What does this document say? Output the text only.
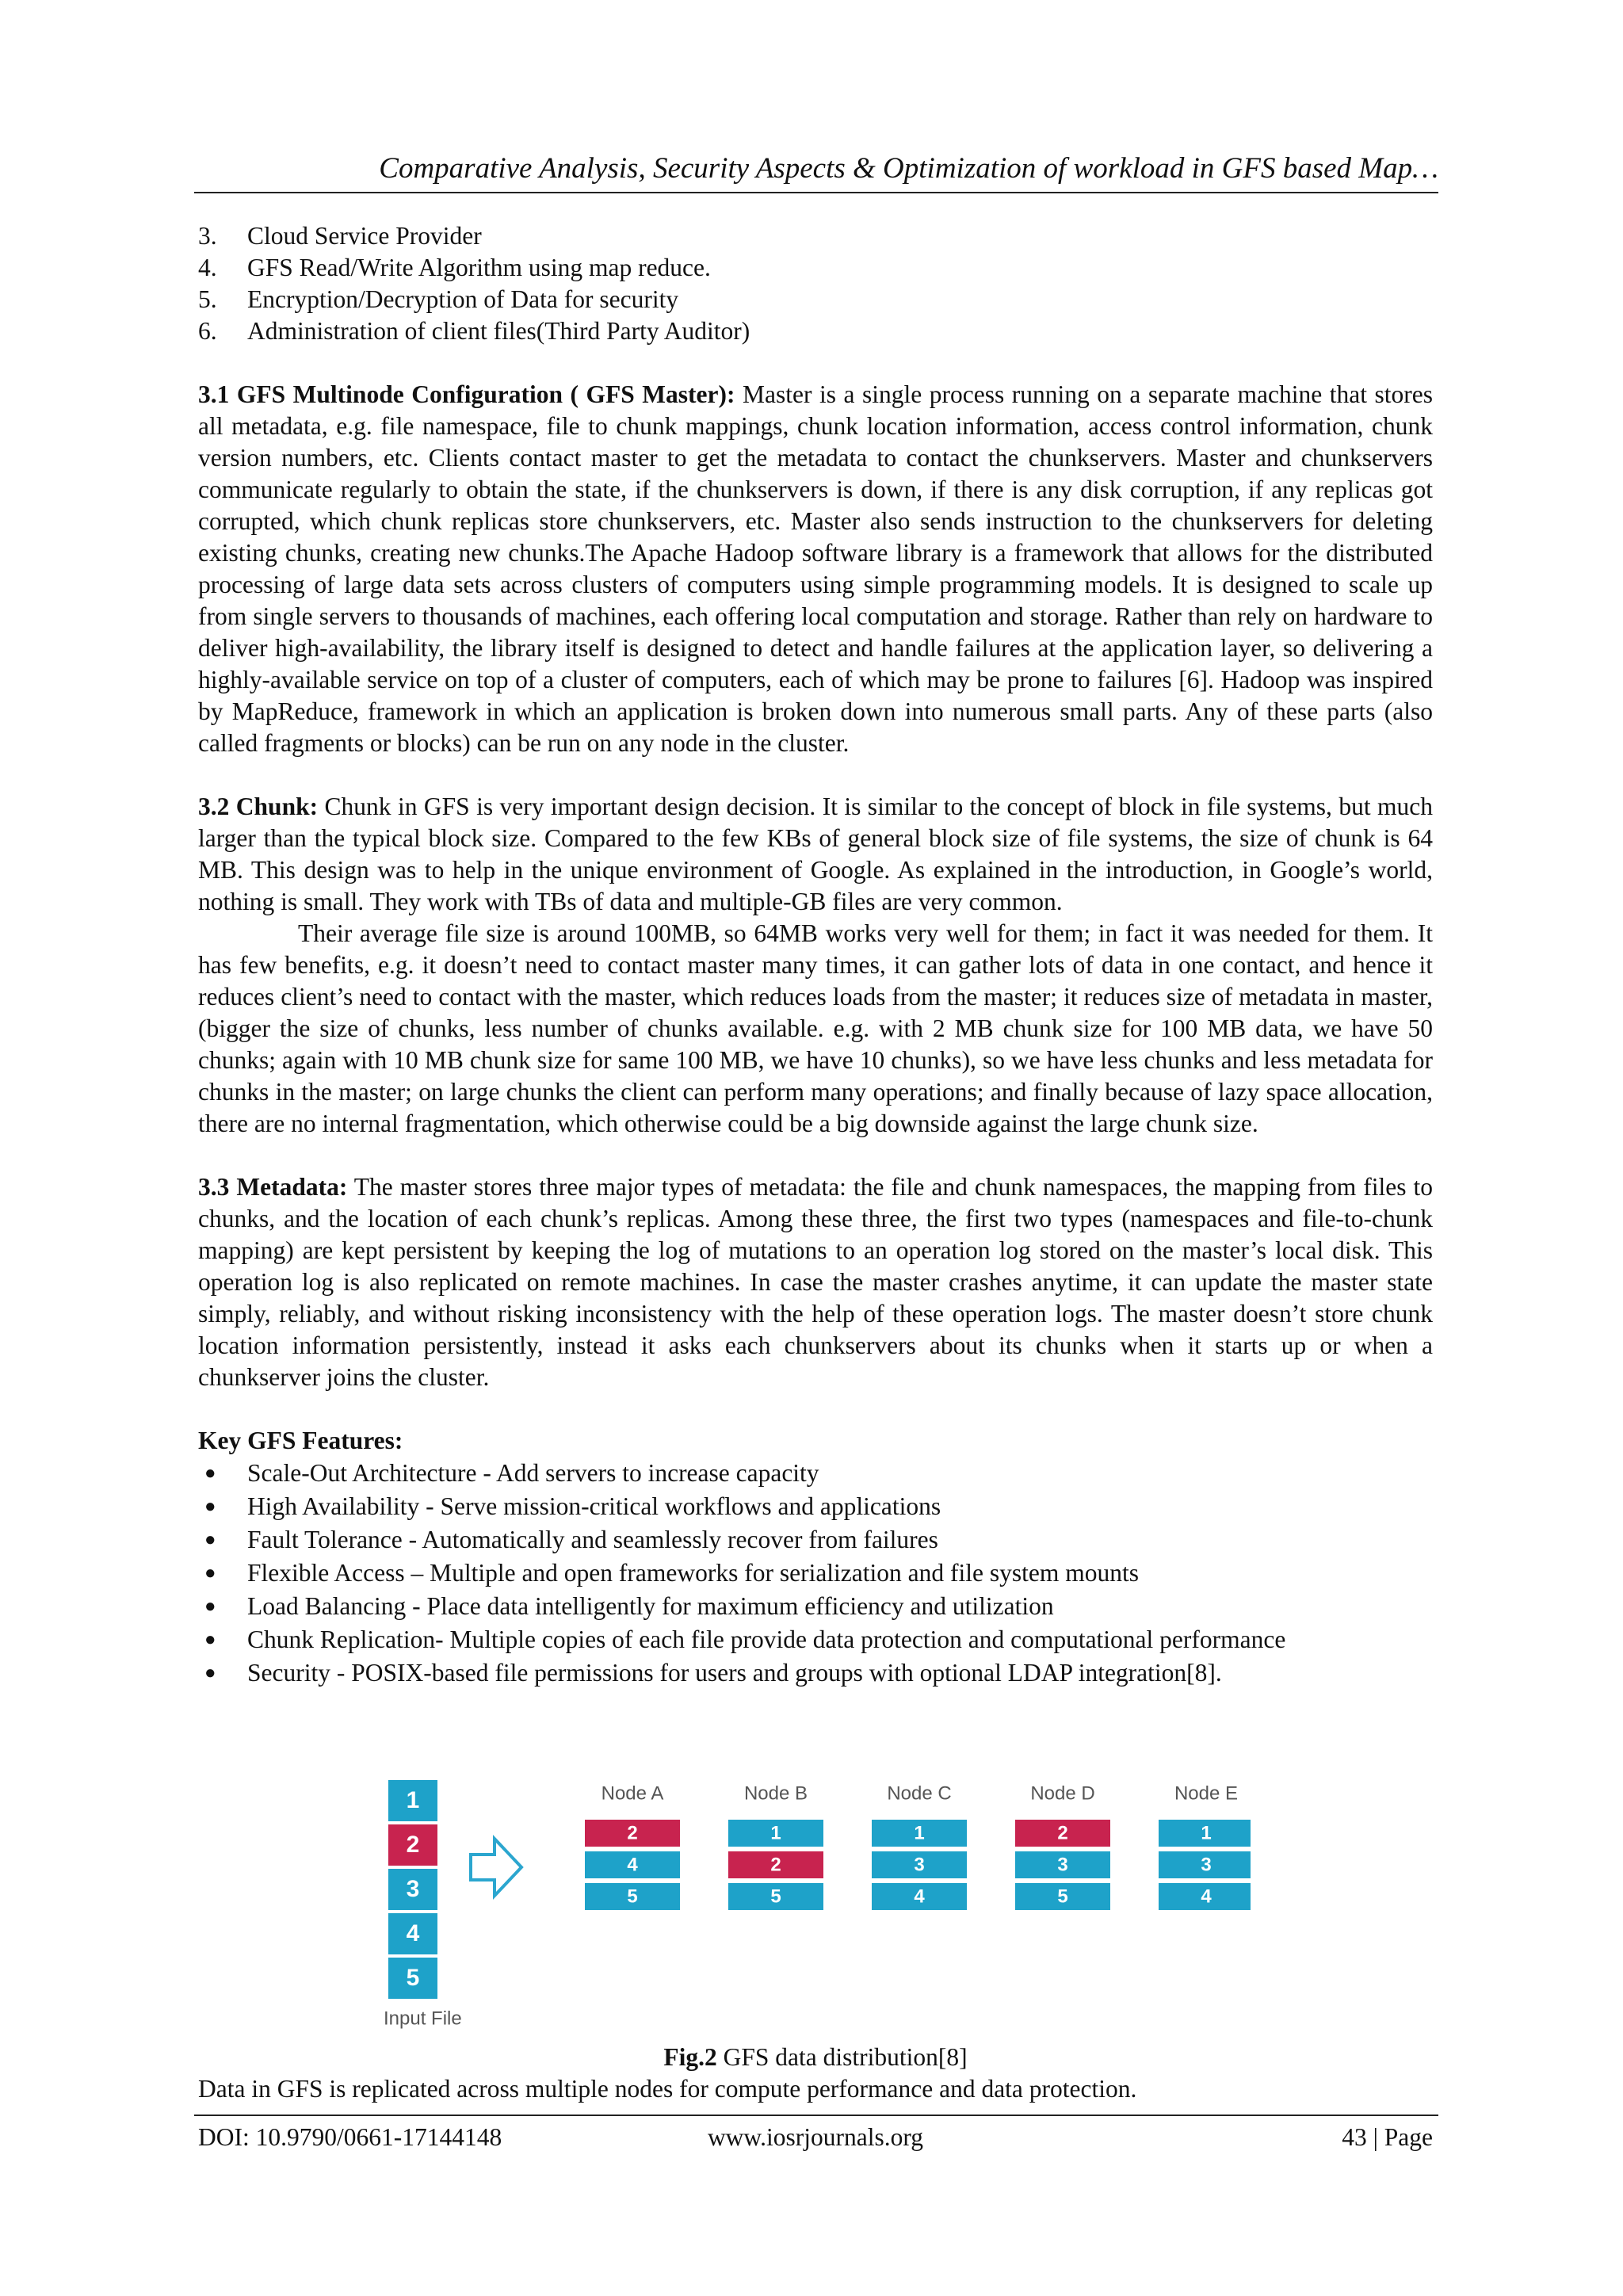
Comparative Analysis, Security Aspects & Optimization of workload in GFS based Map…
3. Cloud Service Provider
4. GFS Read/Write Algorithm using map reduce.
5. Encryption/Decryption of Data for security
6. Administration of client files(Third Party Auditor)

3.1 GFS Multinode Configuration ( GFS Master): Master is a single process running on a separate machine that stores all metadata, e.g. file namespace, file to chunk mappings, chunk location information, access control information, chunk version numbers, etc. Clients contact master to get the metadata to contact the chunkservers. Master and chunkservers communicate regularly to obtain the state, if the chunkservers is down, if there is any disk corruption, if any replicas got corrupted, which chunk replicas store chunkservers, etc. Master also sends instruction to the chunkservers for deleting existing chunks, creating new chunks.The Apache Hadoop software library is a framework that allows for the distributed processing of large data sets across clusters of computers using simple programming models. It is designed to scale up from single servers to thousands of machines, each offering local computation and storage. Rather than rely on hardware to deliver high-availability, the library itself is designed to detect and handle failures at the application layer, so delivering a highly-available service on top of a cluster of computers, each of which may be prone to failures [6]. Hadoop was inspired by MapReduce, framework in which an application is broken down into numerous small parts. Any of these parts (also called fragments or blocks) can be run on any node in the cluster.

3.2 Chunk: Chunk in GFS is very important design decision. It is similar to the concept of block in file systems, but much larger than the typical block size. Compared to the few KBs of general block size of file systems, the size of chunk is 64 MB. This design was to help in the unique environment of Google. As explained in the introduction, in Google’s world, nothing is small. They work with TBs of data and multiple-GB files are very common.

Their average file size is around 100MB, so 64MB works very well for them; in fact it was needed for them. It has few benefits, e.g. it doesn’t need to contact master many times, it can gather lots of data in one contact, and hence it reduces client’s need to contact with the master, which reduces loads from the master; it reduces size of metadata in master, (bigger the size of chunks, less number of chunks available. e.g. with 2 MB chunk size for 100 MB data, we have 50 chunks; again with 10 MB chunk size for same 100 MB, we have 10 chunks), so we have less chunks and less metadata for chunks in the master; on large chunks the client can perform many operations; and finally because of lazy space allocation, there are no internal fragmentation, which otherwise could be a big downside against the large chunk size.

3.3 Metadata: The master stores three major types of metadata: the file and chunk namespaces, the mapping from files to chunks, and the location of each chunk’s replicas. Among these three, the first two types (namespaces and file-to-chunk mapping) are kept persistent by keeping the log of mutations to an operation log stored on the master’s local disk. This operation log is also replicated on remote machines. In case the master crashes anytime, it can update the master state simply, reliably, and without risking inconsistency with the help of these operation logs. The master doesn’t store chunk location information persistently, instead it asks each chunkservers about its chunks when it starts up or when a chunkserver joins the cluster.

Key GFS Features:
● Scale-Out Architecture - Add servers to increase capacity
● High Availability - Serve mission-critical workflows and applications
● Fault Tolerance - Automatically and seamlessly recover from failures
● Flexible Access – Multiple and open frameworks for serialization and file system mounts
● Load Balancing - Place data intelligently for maximum efficiency and utilization
● Chunk Replication- Multiple copies of each file provide data protection and computational performance
● Security - POSIX-based file permissions for users and groups with optional LDAP integration[8].
1
2
3
4
5
Input File
Node A
2
4
5
Node B
1
2
5
Node C
1
3
4
Node D
2
3
5
Node E
1
3
4
Fig.2 GFS data distribution[8]
Data in GFS is replicated across multiple nodes for compute performance and data protection.
DOI: 10.9790/0661-17144148	www.iosrjournals.org	43 | Page
